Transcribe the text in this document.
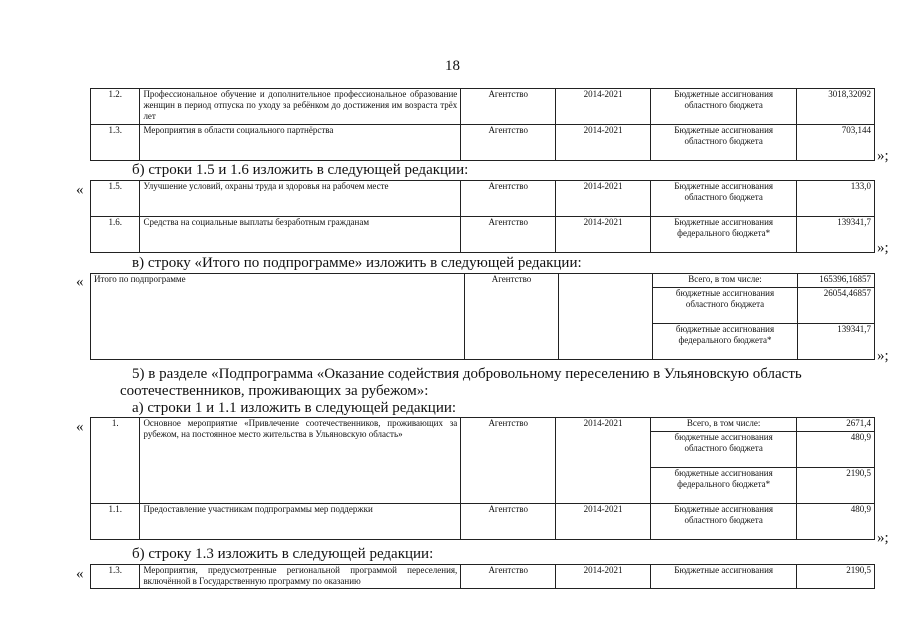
18
1.2.	Профессиональное обучение и дополнительное профессиональное образование женщин в период отпуска по уходу за ребёнком до достижения им возраста трёх лет	Агентство	2014-2021	Бюджетные ассигнования областного бюджета	3018,32092
1.3.	Мероприятия в области социального партнёрства	Агентство	2014-2021	Бюджетные ассигнования областного бюджета	703,144
»;
б) строки 1.5 и 1.6 изложить в следующей редакции:
«	1.5.	Улучшение условий, охраны труда и здоровья на рабочем месте	Агентство	2014-2021	Бюджетные ассигнования областного бюджета	133,0
1.6.	Средства на социальные выплаты безработным гражданам	Агентство	2014-2021	Бюджетные ассигнования федерального бюджета*	139341,7
»;
в) строку «Итого по подпрограмме» изложить в следующей редакции:
« Итого по подпрограмме	Агентство		Всего, в том числе:	165396,16857
			бюджетные ассигнования областного бюджета	26054,46857
			бюджетные ассигнования федерального бюджета*	139341,7
»;
5) в разделе «Подпрограмма «Оказание содействия добровольному переселению в Ульяновскую область
соотечественников, проживающих за рубежом»:
а) строки 1 и 1.1 изложить в следующей редакции:
«	1.	Основное мероприятие «Привлечение соотечественников, проживающих за рубежом, на постоянное место жительства в Ульяновскую область»	Агентство	2014-2021	Всего, в том числе:	2671,4
				бюджетные ассигнования областного бюджета	480,9
				бюджетные ассигнования федерального бюджета*	2190,5
1.1.	Предоставление участникам подпрограммы мер поддержки	Агентство	2014-2021	Бюджетные ассигнования областного бюджета	480,9
»;
б) строку 1.3 изложить в следующей редакции:
«	1.3.	Мероприятия, предусмотренные региональной программой переселения, включённой в Государственную программу по оказанию	Агентство	2014-2021	Бюджетные ассигнования	2190,5
